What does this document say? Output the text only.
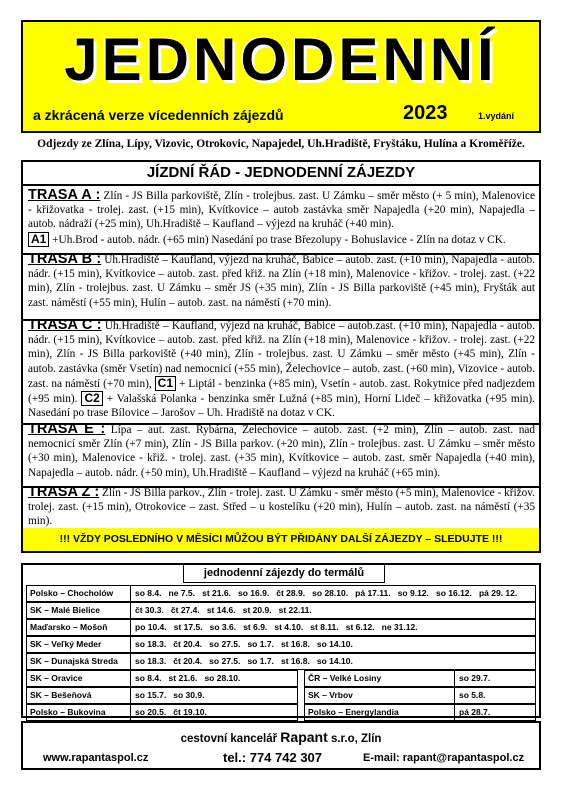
JEDNODENNÍ
a zkrácená verze vícedenních zájezdů	2023	1.vydání
Odjezdy ze Zlína, Lípy, Vizovic, Otrokovic, Napajedel, Uh.Hradiště, Fryštáku, Hulína a Kroměříže.
JÍZDNÍ ŘÁD - JEDNODENNÍ ZÁJEZDY
TRASA A : Zlín - JS Billa parkoviště, Zlín - trolejbus. zast. U Zámku – směr město (+ 5 min), Malenovice - křižovatka - trolej. zast. (+15 min), Kvítkovice – autob zastávka směr Napajedla (+20 min), Napajedla – autob. nádraží (+25 min), Uh.Hradiště – Kaufland – výjezd na kruháč (+40 min).
A1 +Uh.Brod - autob. nádr. (+65 min) Nasedání po trase Březolupy - Bohuslavice - Zlín na dotaz v CK.
TRASA B : Uh.Hradiště – Kaufland, výjezd na kruháč, Babice – autob. zast. (+10 min), Napajedla - autob. nádr. (+15 min), Kvítkovice – autob. zast. před křiž. na Zlín (+18 min), Malenovice - křižov. - trolej. zast. (+22 min), Zlín - trolejbus. zast. U Zámku – směr JS (+35 min), Zlín - JS Billa parkoviště (+45 min), Fryšták aut zast. náměstí (+55 min), Hulín – autob. zast. na náměstí (+70 min).
TRASA C : Uh.Hradiště – Kaufland, výjezd na kruháč, Babice – autob.zast. (+10 min), Napajedla - autob. nádr. (+15 min), Kvítkovice – autob. zast. před křiž. na Zlín (+18 min), Malenovice - křižov. - trolej. zast. (+22 min), Zlín - JS Billa parkoviště (+40 min), Zlín - trolejbus. zast. U Zámku – směr město (+45 min), Zlín - autob. zastávka (směr Vsetín) nad nemocnicí (+55 min), Želechovice – autob. zast. (+60 min), Vizovice - autob. zast. na náměstí (+70 min), C1 + Liptál - benzinka (+85 min), Vsetín - autob. zast. Rokytnice před nadjezdem (+95 min). C2 + Valašská Polanka - benzinka směr Lužná (+85 min), Horní Lideč – křižovatka (+95 min). Nasedání po trase Bílovice – Jarošov – Uh. Hradiště na dotaz v CK.
TRASA E : Lípa – aut. zast. Rybárna, Želechovice – autob. zast. (+2 min), Zlín – autob. zast. nad nemocnicí směr Zlín (+7 min), Zlín - JS Billa parkov. (+20 min), Zlín - trolejbus. zast. U Zámku – směr město (+30 min), Malenovice - křiž. - trolej. zast. (+35 min), Kvítkovice – autob. zast. směr Napajedla (+40 min), Napajedla – autob. nádr. (+50 min), Uh.Hradiště – Kaufland – výjezd na kruháč (+65 min).
TRASA Z : Zlín - JS Billa parkov., Zlín - trolej. zast. U Zámku - směr město (+5 min), Malenovice - křižov. trolej. zast. (+15 min), Otrokovice – zast. Střed – u kostelíku (+20 min), Hulín – autob. zast. na náměstí (+35 min).
!!! VŽDY POSLEDNÍHO V MĚSÍCI MŮŽOU BÝT PŘIDÁNY DALŠÍ ZÁJEZDY – SLEDUJTE !!!
jednodenní zájezdy do termálů
Polsko – Chocholów	so 8.4.   ne 7.5.   st 21.6.   so 16.9.   čt 28.9.   so 28.10.   pá 17.11.   so 9.12.   so 16.12.   pá 29. 12.
SK – Malé Bielice	čt 30.3.   čt 27.4.   st 14.6.   st 20.9.   st 22.11.
Maďarsko – Mošoň	po 10.4.   st 17.5.   so 3.6.   st 6.9.   st 4.10.   st 8.11.   st 6.12.   ne 31.12.
SK – Veľký Meder	so 18.3.   čt 20.4.   so 27.5.   so 1.7.   st 16.8.   so 14.10.
SK – Dunajská Streda	so 18.3.   čt 20.4.   so 27.5.   so 1.7.   st 16.8.   so 14.10.
SK – Oravice	so 8.4.   st 21.6.   so 28.10.
SK – Bešeňová	so 15.7.   so 30.9.
Polsko – Bukovina	so 20.5.   čt 19.10.
ČR – Velké Losiny	so 29.7.
SK – Vrbov	so 5.8.
Polsko – Energylandia	pá 28.7.
cestovní kancelář Rapant s.r.o, Zlín
www.rapantaspol.cz	tel.: 774 742 307	E-mail: rapant@rapantaspol.cz
